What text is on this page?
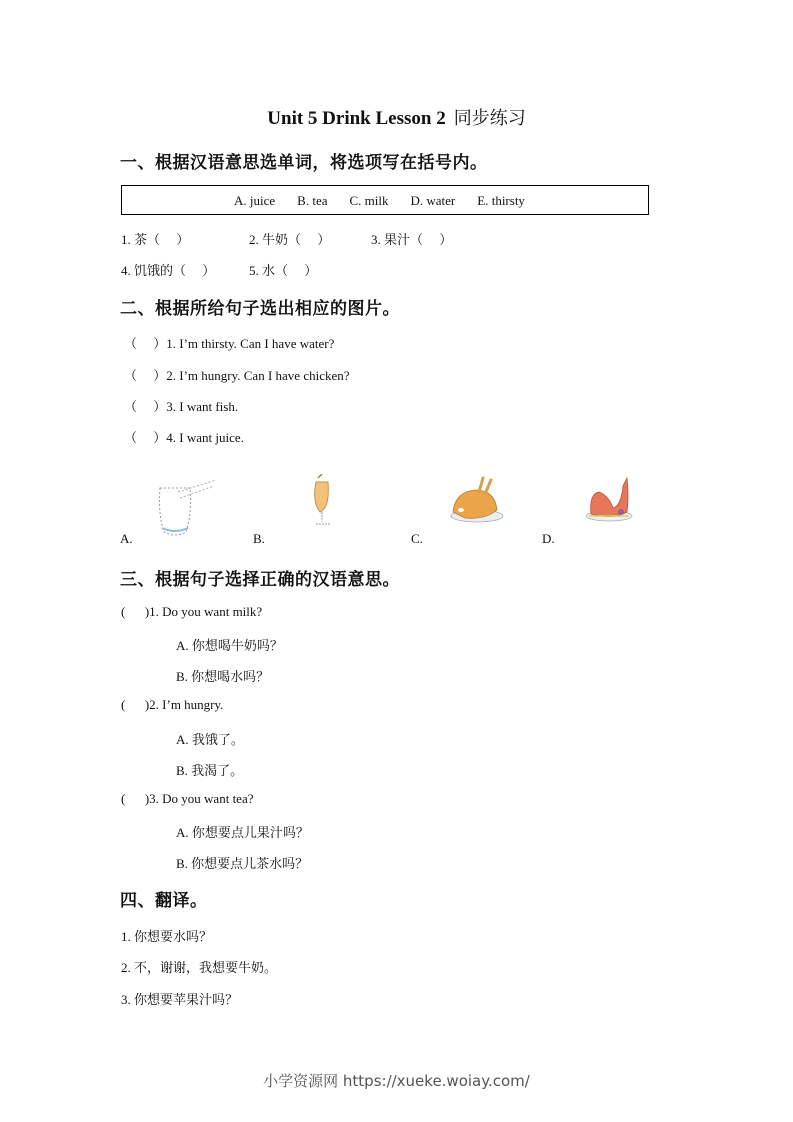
Unit 5 Drink Lesson 2 同步练习
一、根据汉语意思选单词，将选项写在括号内。
A. juice B. tea C. milk D. water E. thirsty
1. 茶（　 ）	2. 牛奶（　 ）	3. 果汁（　 ）
4. 饥饿的（　 ）	5. 水（　 ）
二、根据所给句子选出相应的图片。
（　 ）1. I’m thirsty. Can I have water?
（　 ）2. I’m hungry. Can I have chicken?
（　 ）3. I want fish.
（　 ）4. I want juice.
A.	B.	C.	D.
三、根据句子选择正确的汉语意思。
(      )1. Do you want milk?
A. 你想喝牛奶吗？
B. 你想喝水吗？
(      )2. I’m hungry.
A. 我饿了。
B. 我渴了。
(      )3. Do you want tea?
A. 你想要点儿果汁吗？
B. 你想要点儿茶水吗？
四、翻译。
1. 你想要水吗？
2. 不，谢谢，我想要牛奶。
3. 你想要苹果汁吗？
小学资源网 https://xueke.woiay.com/
